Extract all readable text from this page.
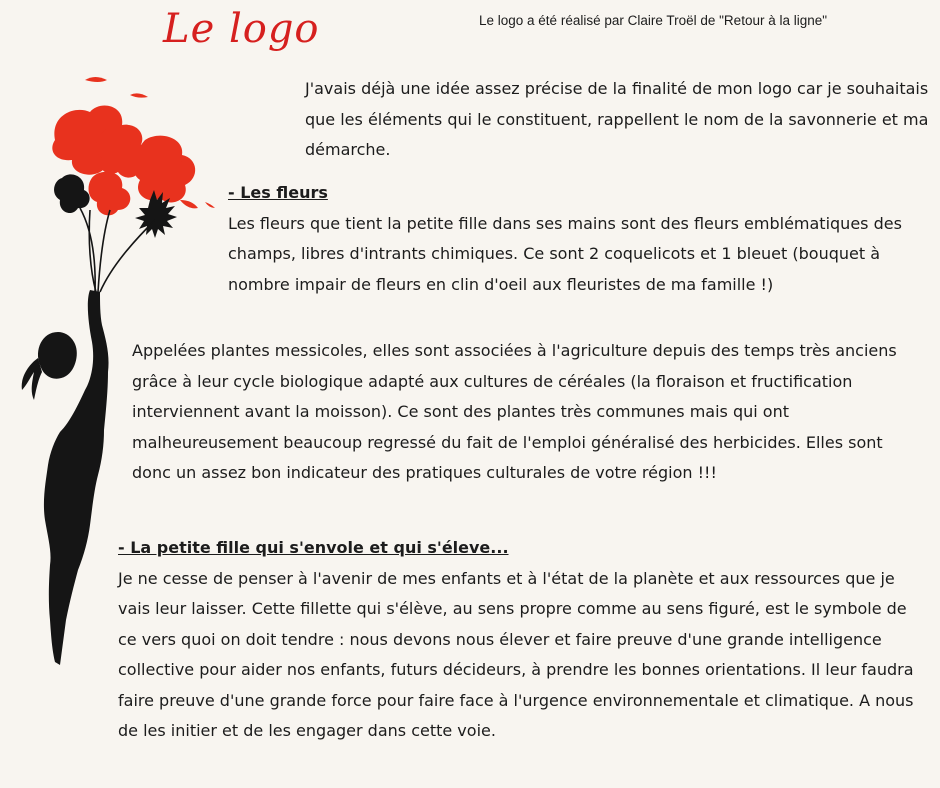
Le logo	Le logo a été réalisé par Claire Troël de "Retour à la ligne"
J'avais déjà une idée assez précise de la finalité de mon logo car je souhaitais que les éléments qui le constituent, rappellent le nom de la savonnerie et ma démarche.
- Les fleurs
Les fleurs que tient la petite fille dans ses mains sont des fleurs emblématiques des champs, libres d'intrants chimiques. Ce sont 2 coquelicots et 1 bleuet (bouquet à nombre impair de fleurs en clin d'oeil aux fleuristes de ma famille !)
Appelées plantes messicoles, elles sont associées à l'agriculture depuis des temps très anciens grâce à leur cycle biologique adapté aux cultures de céréales (la floraison et fructification interviennent avant la moisson). Ce sont des plantes très communes mais qui ont malheureusement beaucoup regressé du fait de l'emploi généralisé des herbicides. Elles sont donc un assez bon indicateur des pratiques culturales de votre région !!!
- La petite fille qui s'envole et qui s'éleve...
Je ne cesse de penser à l'avenir de mes enfants et à l'état de la planète et aux ressources que je vais leur laisser. Cette fillette qui s'élève, au sens propre comme au sens figuré, est le symbole de ce vers quoi on doit tendre : nous devons nous élever et faire preuve d'une grande intelligence collective pour aider nos enfants, futurs décideurs, à prendre les bonnes orientations. Il leur faudra faire preuve d'une grande force pour faire face à l'urgence environnementale et climatique. A nous de les initier et de les engager dans cette voie.
